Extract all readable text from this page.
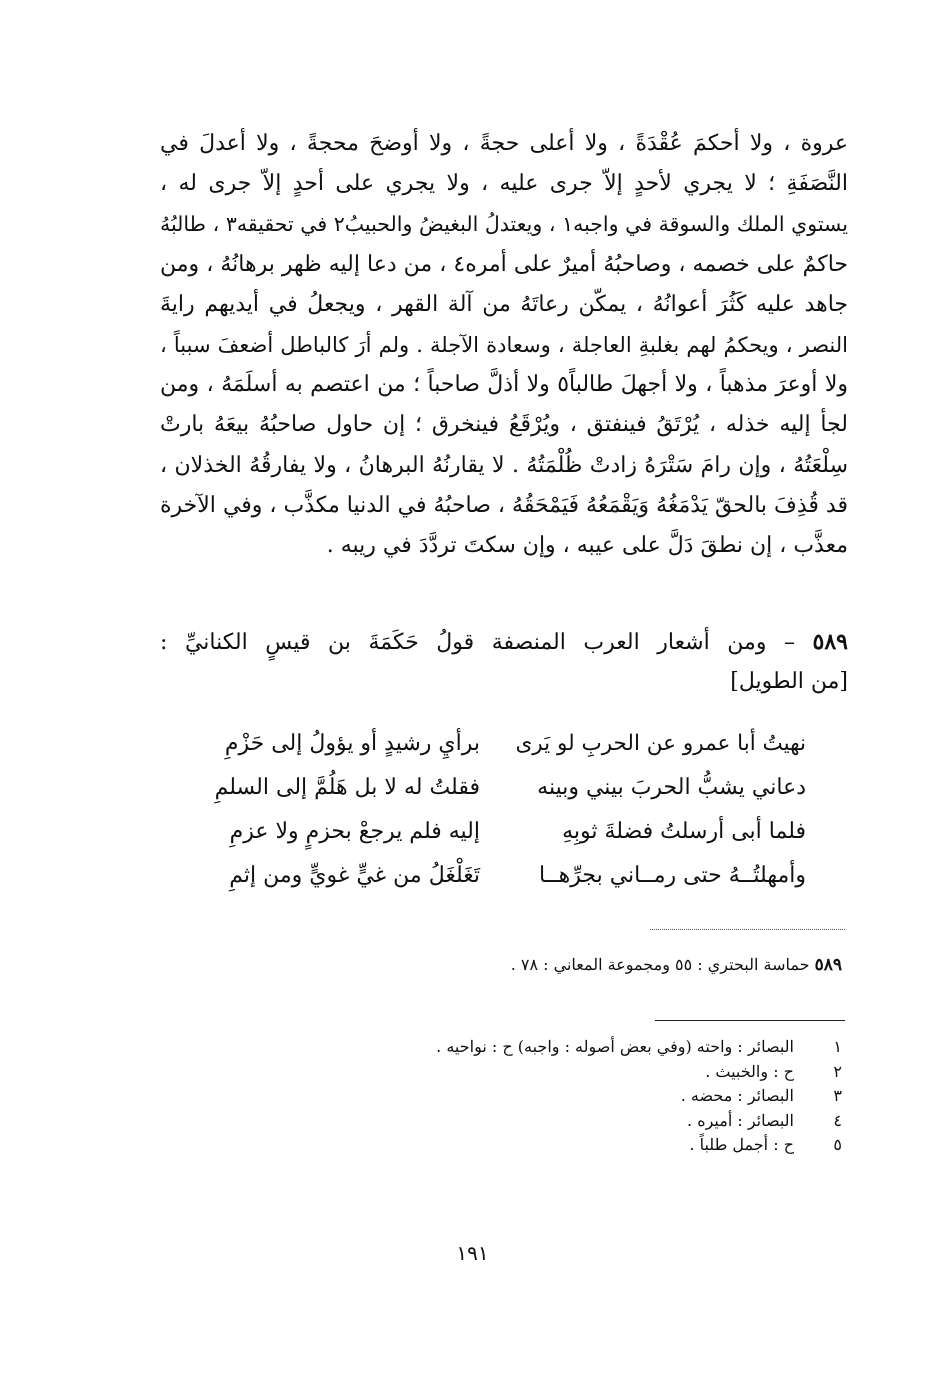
عروة ، ولا أحكمَ عُقْدَةً ، ولا أعلى حجةً ، ولا أوضحَ محجةً ، ولا أعدلَ في
النَّصَفَةِ ؛ لا يجري لأحدٍ إلاّ جرى عليه ، ولا يجري على أحدٍ إلاّ جرى له ،
يستوي الملك والسوقة في واجبه١ ، ويعتدلُ البغيضُ والحبيبُ٢ في تحقيقه٣ ، طالبُهُ
حاكمٌ على خصمه ، وصاحبُهُ أميرٌ على أمره٤ ، من دعا إليه ظهر برهانُهُ ، ومن
جاهد عليه كَثُرَ أعوانُهُ ، يمكّن رعاتَهُ من آلة القهر ، ويجعلُ في أيديهم رايةَ
النصر ، ويحكمُ لهم بغلبةِ العاجلة ، وسعادة الآجلة . ولم أرَ كالباطل أضعفَ سبباً ،
ولا أوعرَ مذهباً ، ولا أجهلَ طالباً٥ ولا أذلَّ صاحباً ؛ من اعتصم به أسلَمَهُ ، ومن
لجأ إليه خذله ، يُرْتَقُ فينفتق ، ويُرْقَعُ فينخرق ؛ إن حاول صاحبُهُ بيعَهُ بارتْ
سِلْعَتُهُ ، وإن رامَ سَتْرَهُ زادتْ ظُلْمَتُهُ . لا يقارنُهُ البرهانُ ، ولا يفارقُهُ الخذلان ،
قد قُذِفَ بالحقّ يَدْمَغُهُ وَيَقْمَعُهُ فَيَمْحَقُهُ ، صاحبُهُ في الدنيا مكذَّب ، وفي الآخرة
معذَّب ، إن نطقَ دَلَّ على عيبه ، وإن سكتَ تردَّدَ في ريبه .
٥٨٩ – ومن أشعار العرب المنصفة قولُ حَكَمَةَ بن قيسٍ الكنانيِّ :
[من الطويل]
نهيتُ أبا عمرو عن الحربِ لو يَرى
برأيِ رشيدٍ أو يؤولُ إلى حَزْمِ
دعاني يشبُّ الحربَ بيني وبينه
فقلتُ له لا بل هَلُمَّ إلى السلمِ
فلما أبى أرسلتُ فضلةَ ثوبِهِ
إليه فلم يرجعْ بحزمٍ ولا عزمِ
وأمهلتُــهُ حتى رمــاني بجرِّهــا
تَغَلْغَلُ من غيٍّ غويٍّ ومن إثمِ
٥٨٩ حماسة البحتري : ٥٥ ومجموعة المعاني : ٧٨ .
١البصائر : واحته (وفي بعض أصوله : واجبه) ح : نواحيه .
٢ح : والخبيث .
٣البصائر : محضه .
٤البصائر : أميره .
٥ح : أجمل طلباً .
١٩١
